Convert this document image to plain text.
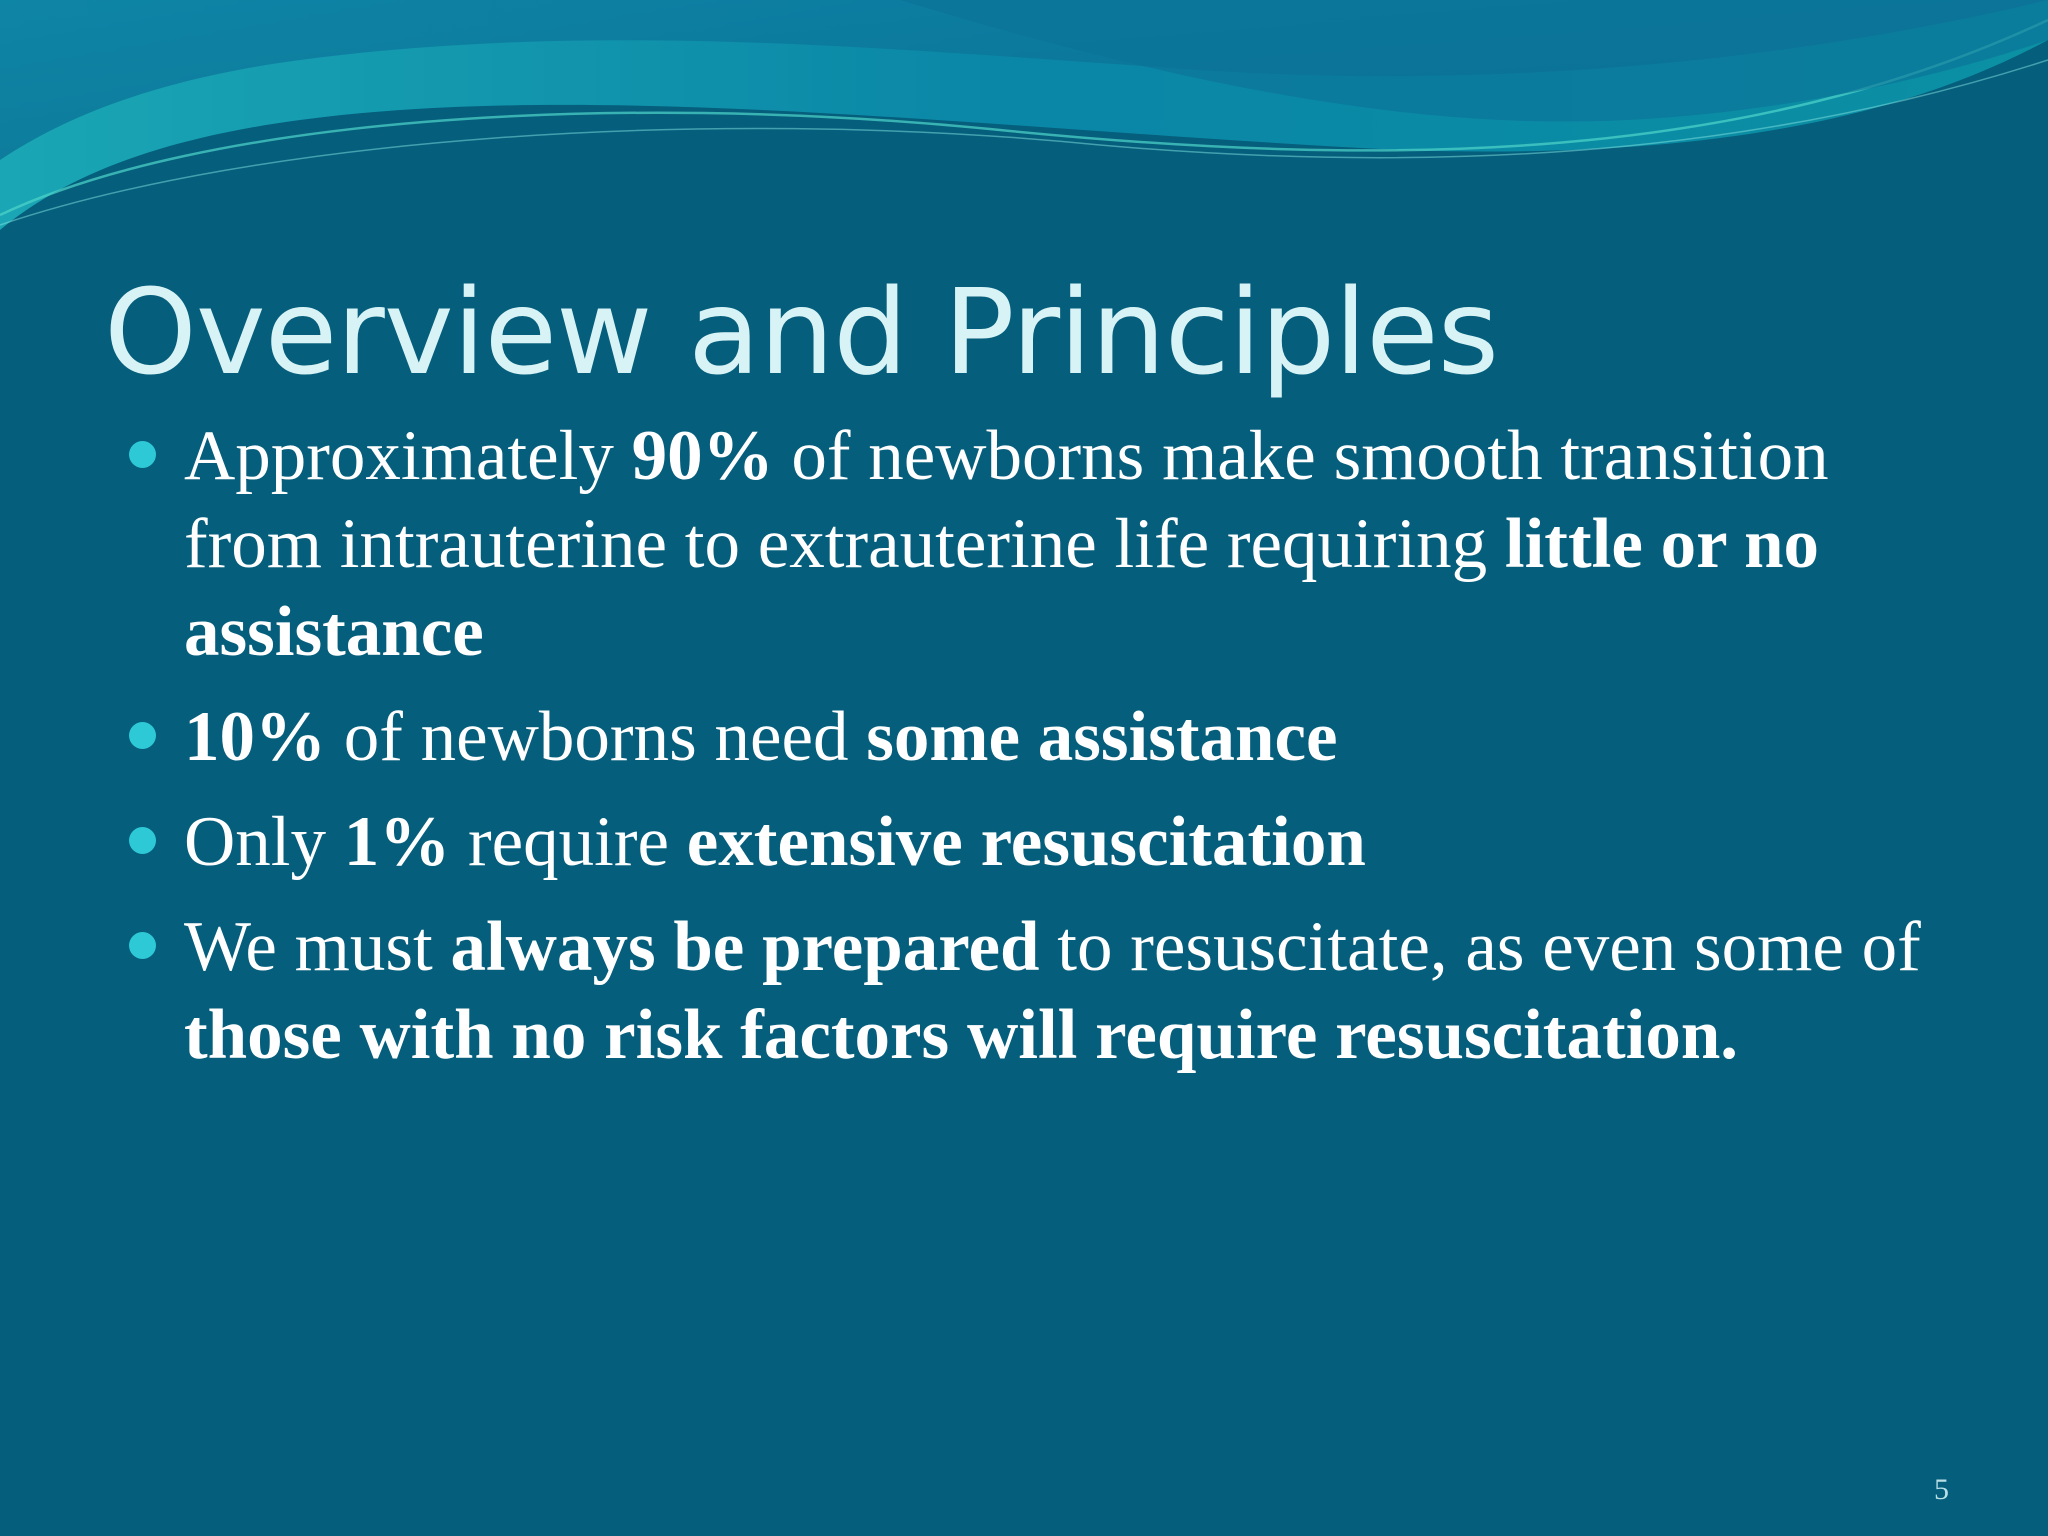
Overview and Principles
Approximately 90% of newborns make smooth transition from intrauterine to extrauterine life requiring little or no assistance
10% of newborns need some assistance
Only 1% require extensive resuscitation
We must always be prepared to resuscitate, as even some of those with no risk factors will require resuscitation.
5
